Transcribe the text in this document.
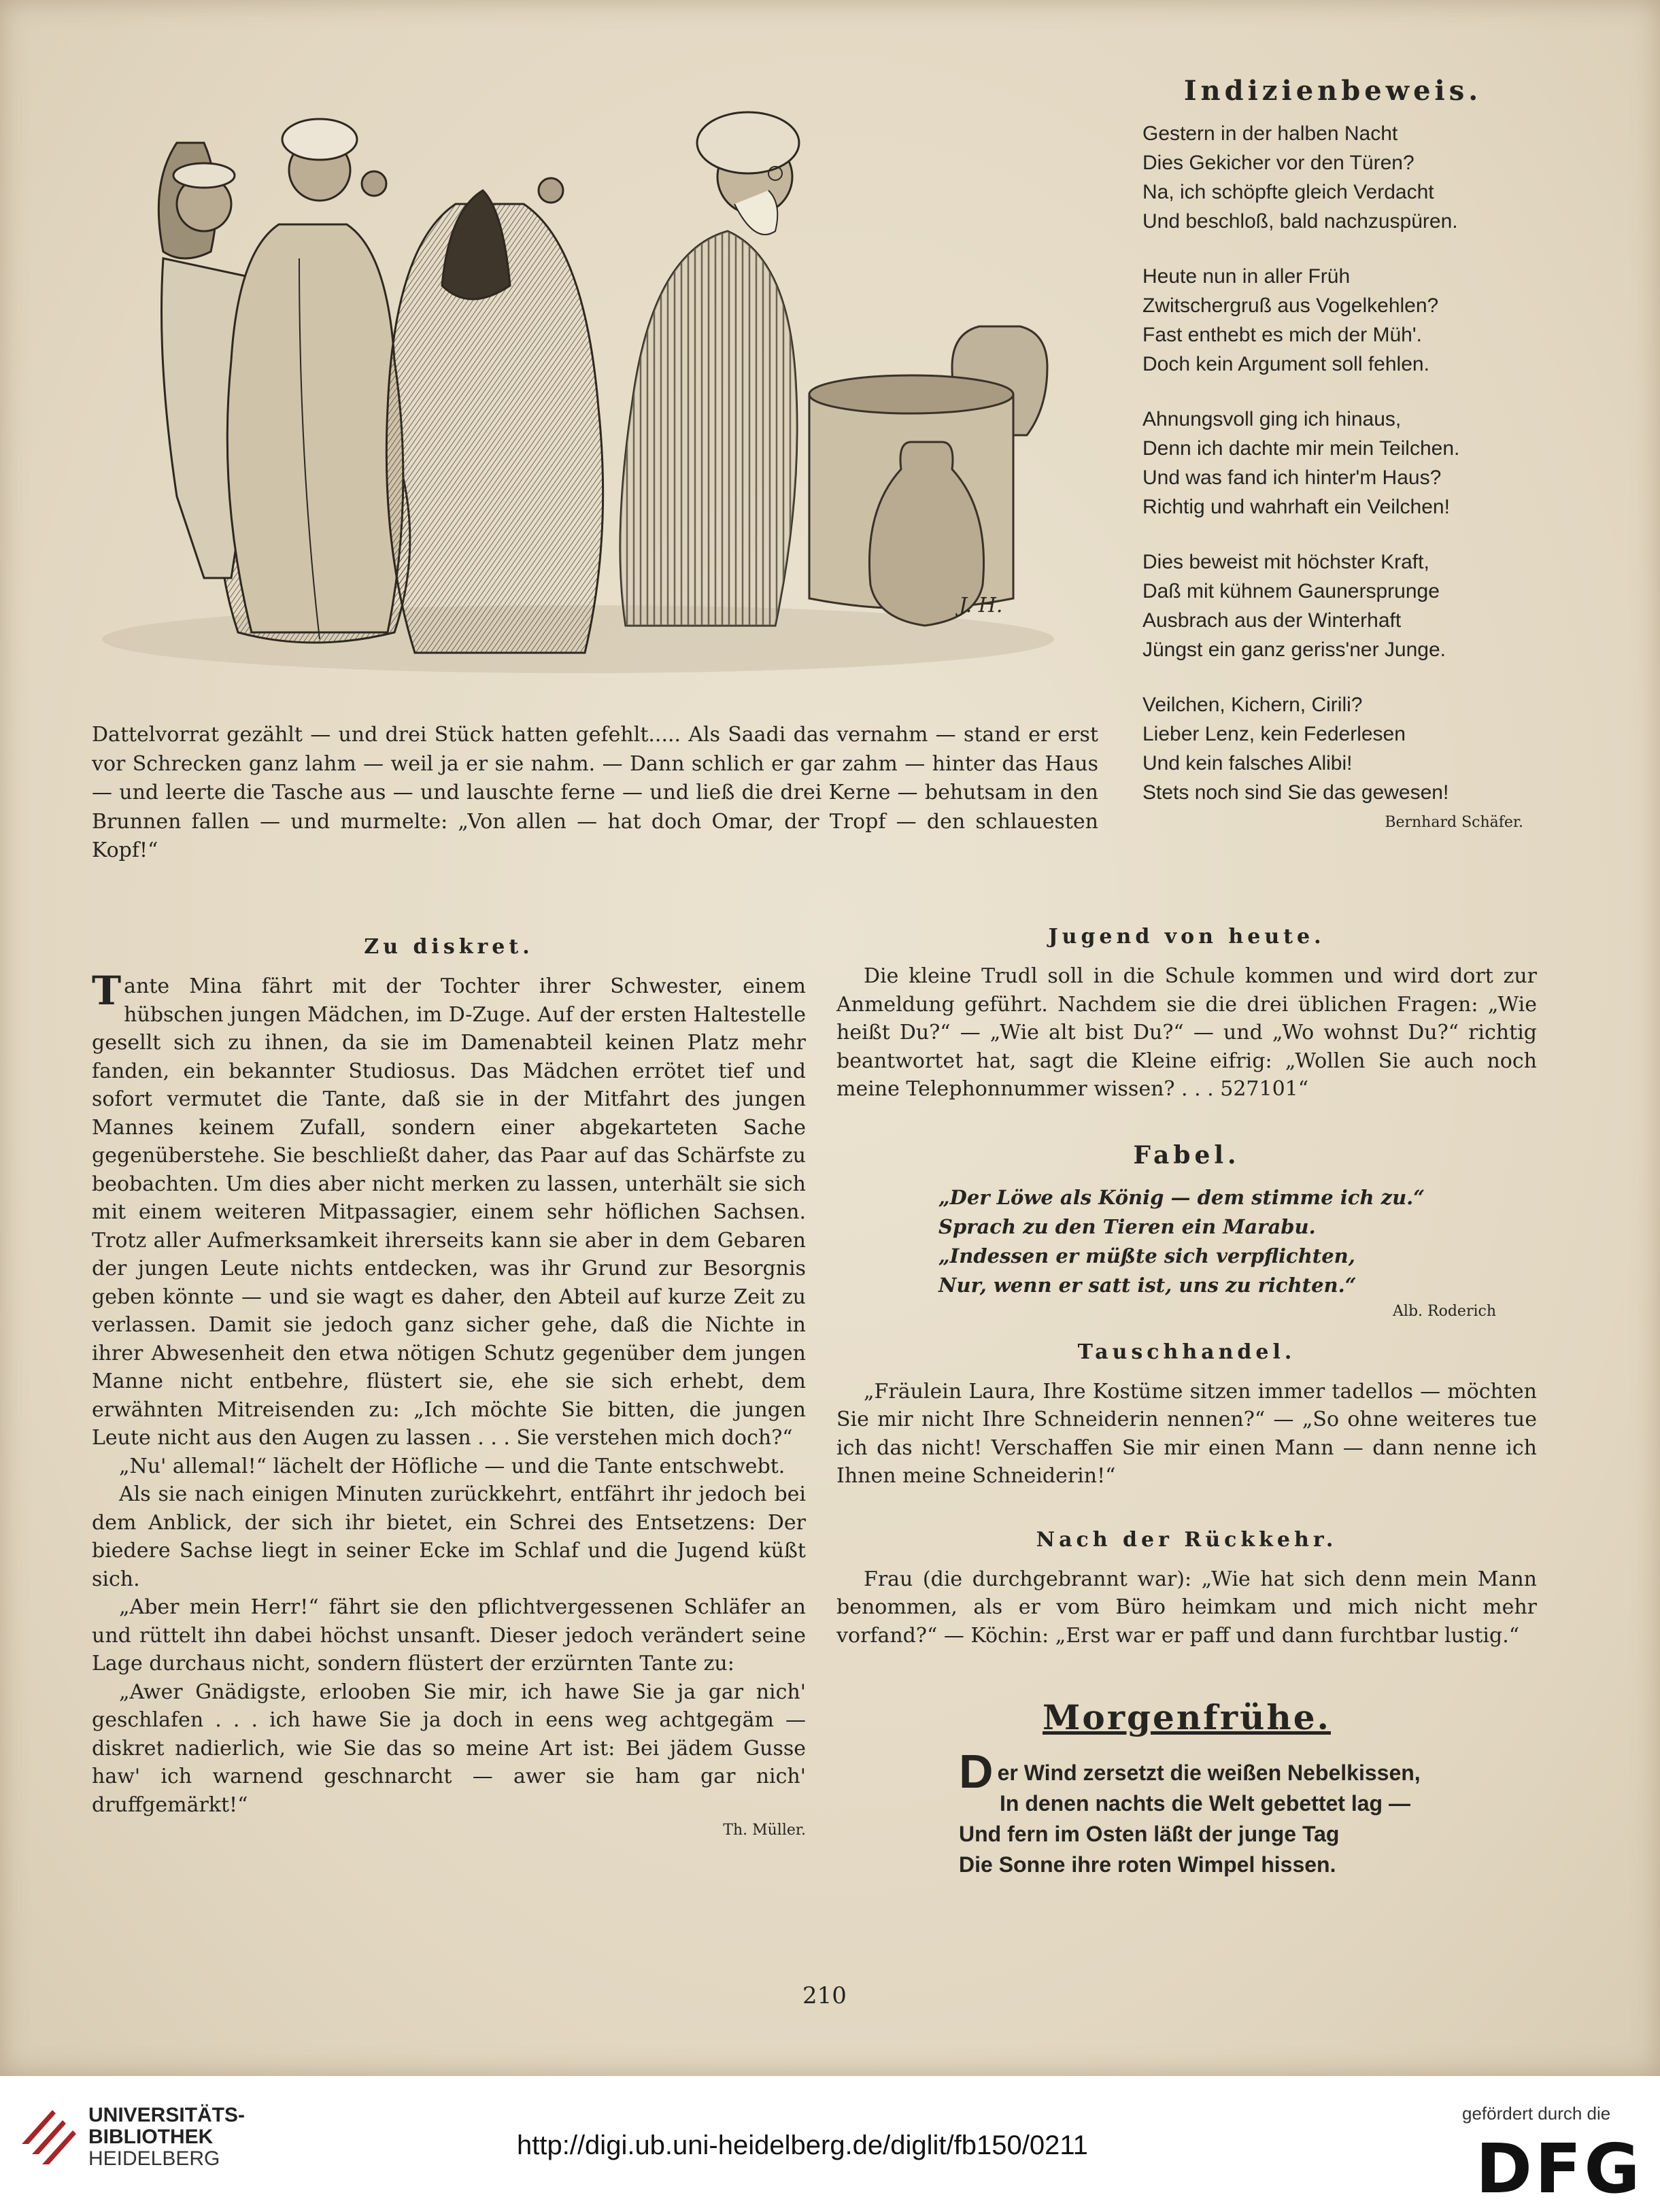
J. H.

Dattelvorrat gezählt — und drei Stück hatten gefehlt..... Als Saadi das vernahm — stand er erst vor Schrecken ganz lahm — weil ja er sie nahm. — Dann schlich er gar zahm — hinter das Haus — und leerte die Tasche aus — und lauschte ferne — und ließ die drei Kerne — behutsam in den Brunnen fallen — und murmelte: „Von allen — hat doch Omar, der Tropf — den schlauesten Kopf!“

Indizienbeweis.
Gestern in der halben Nacht
Dies Gekicher vor den Türen?
Na, ich schöpfte gleich Verdacht
Und beschloß, bald nachzuspüren.
Heute nun in aller Früh
Zwitschergruß aus Vogelkehlen?
Fast enthebt es mich der Müh'.
Doch kein Argument soll fehlen.
Ahnungsvoll ging ich hinaus,
Denn ich dachte mir mein Teilchen.
Und was fand ich hinter'm Haus?
Richtig und wahrhaft ein Veilchen!
Dies beweist mit höchster Kraft,
Daß mit kühnem Gaunersprunge
Ausbrach aus der Winterhaft
Jüngst ein ganz geriss'ner Junge.
Veilchen, Kichern, Cirili?
Lieber Lenz, kein Federlesen
Und kein falsches Alibi!
Stets noch sind Sie das gewesen!
Bernhard Schäfer.
Zu diskret.

Tante Mina fährt mit der Tochter ihrer Schwester, einem hübschen jungen Mädchen, im D-Zuge. Auf der ersten Haltestelle gesellt sich zu ihnen, da sie im Damenabteil keinen Platz mehr fanden, ein bekannter Studiosus. Das Mädchen errötet tief und sofort vermutet die Tante, daß sie in der Mitfahrt des jungen Mannes keinem Zufall, sondern einer abgekarteten Sache gegenüberstehe. Sie beschließt daher, das Paar auf das Schärfste zu beobachten. Um dies aber nicht merken zu lassen, unterhält sie sich mit einem weiteren Mitpassagier, einem sehr höflichen Sachsen. Trotz aller Aufmerksamkeit ihrerseits kann sie aber in dem Gebaren der jungen Leute nichts entdecken, was ihr Grund zur Besorgnis geben könnte — und sie wagt es daher, den Abteil auf kurze Zeit zu verlassen. Damit sie jedoch ganz sicher gehe, daß die Nichte in ihrer Abwesenheit den etwa nötigen Schutz gegenüber dem jungen Manne nicht entbehre, flüstert sie, ehe sie sich erhebt, dem erwähnten Mitreisenden zu: „Ich möchte Sie bitten, die jungen Leute nicht aus den Augen zu lassen . . . Sie verstehen mich doch?“

„Nu' allemal!“ lächelt der Höfliche — und die Tante entschwebt.

Als sie nach einigen Minuten zurückkehrt, entfährt ihr jedoch bei dem Anblick, der sich ihr bietet, ein Schrei des Entsetzens: Der biedere Sachse liegt in seiner Ecke im Schlaf und die Jugend küßt sich.

„Aber mein Herr!“ fährt sie den pflichtvergessenen Schläfer an und rüttelt ihn dabei höchst unsanft. Dieser jedoch verändert seine Lage durchaus nicht, sondern flüstert der erzürnten Tante zu:

„Awer Gnädigste, erlooben Sie mir, ich hawe Sie ja gar nich' geschlafen . . . ich hawe Sie ja doch in eens weg achtgegäm — diskret nadierlich, wie Sie das so meine Art ist: Bei jädem Gusse haw' ich warnend geschnarcht — awer sie ham gar nich' druffgemärkt!“

Th. Müller.
Jugend von heute.

Die kleine Trudl soll in die Schule kommen und wird dort zur Anmeldung geführt. Nachdem sie die drei üblichen Fragen: „Wie heißt Du?“ — „Wie alt bist Du?“ — und „Wo wohnst Du?“ richtig beantwortet hat, sagt die Kleine eifrig: „Wollen Sie auch noch meine Telephonnummer wissen? . . . 527101“

Fabel.
„Der Löwe als König — dem stimme ich zu.“
Sprach zu den Tieren ein Marabu.
„Indessen er müßte sich verpflichten,
Nur, wenn er satt ist, uns zu richten.“
Alb. Roderich
Tauschhandel.

„Fräulein Laura, Ihre Kostüme sitzen immer tadellos — möchten Sie mir nicht Ihre Schneiderin nennen?“ — „So ohne weiteres tue ich das nicht! Verschaffen Sie mir einen Mann — dann nenne ich Ihnen meine Schneiderin!“

Nach der Rückkehr.

Frau (die durchgebrannt war): „Wie hat sich denn mein Mann benommen, als er vom Büro heimkam und mich nicht mehr vorfand?“ — Köchin: „Erst war er paff und dann furchtbar lustig.“

Morgenfrühe.
Der Wind zersetzt die weißen Nebelkissen,
In denen nachts die Welt gebettet lag —
Und fern im Osten läßt der junge Tag
Die Sonne ihre roten Wimpel hissen.
210
UNIVERSITÄTS-
BIBLIOTHEK
HEIDELBERG	http://digi.ub.uni-heidelberg.de/diglit/fb150/0211
gefördert durch die
DFG
